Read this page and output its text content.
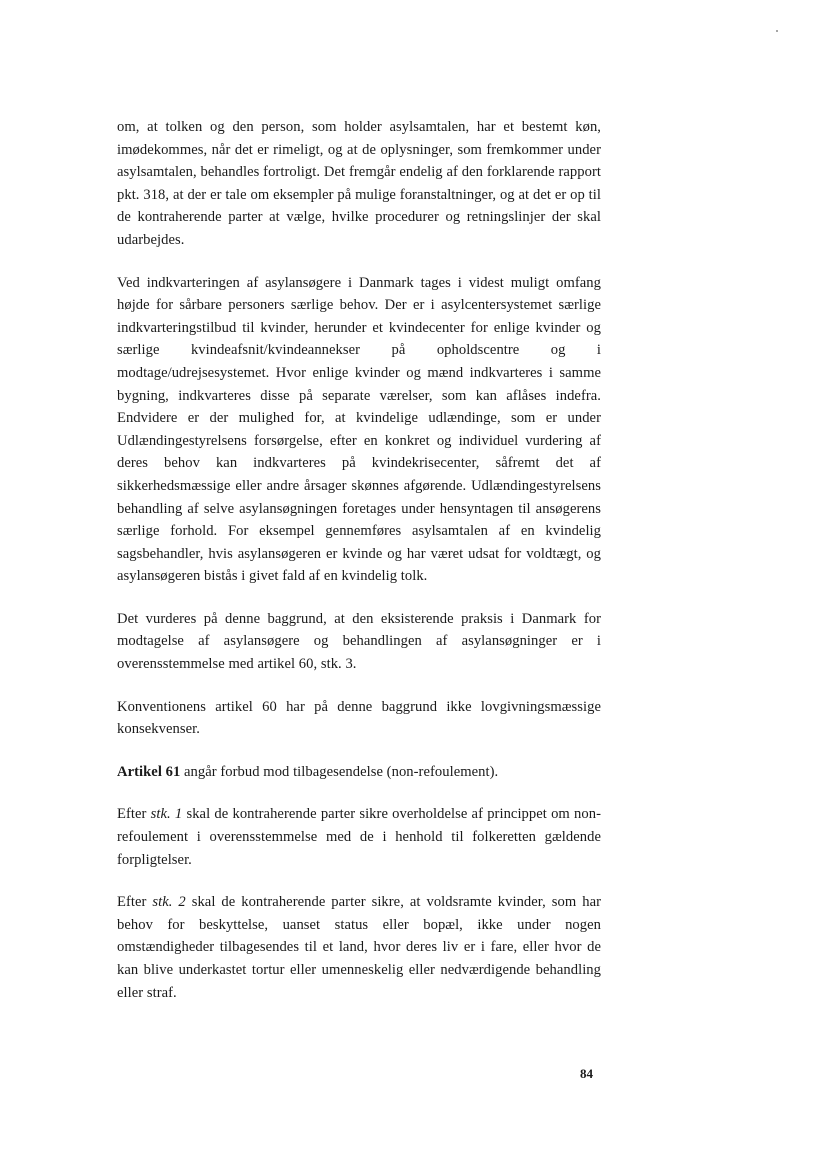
om, at tolken og den person, som holder asylsamtalen, har et bestemt køn, imødekommes, når det er rimeligt, og at de oplysninger, som fremkommer under asylsamtalen, behandles fortroligt. Det fremgår endelig af den forklarende rapport pkt. 318, at der er tale om eksempler på mulige foranstaltninger, og at det er op til de kontraherende parter at vælge, hvilke procedurer og retningslinjer der skal udarbejdes.

Ved indkvarteringen af asylansøgere i Danmark tages i videst muligt omfang højde for sårbare personers særlige behov. Der er i asylcentersystemet særlige indkvarteringstilbud til kvinder, herunder et kvindecenter for enlige kvinder og særlige kvindeafsnit/kvindeannekser på opholdscentre og i modtage/udrejsesystemet. Hvor enlige kvinder og mænd indkvarteres i samme bygning, indkvarteres disse på separate værelser, som kan aflåses indefra. Endvidere er der mulighed for, at kvindelige udlændinge, som er under Udlændingestyrelsens forsørgelse, efter en konkret og individuel vurdering af deres behov kan indkvarteres på kvindekrisecenter, såfremt det af sikkerhedsmæssige eller andre årsager skønnes afgørende. Udlændingestyrelsens behandling af selve asylansøgningen foretages under hensyntagen til ansøgerens særlige forhold. For eksempel gennemføres asylsamtalen af en kvindelig sagsbehandler, hvis asylansøgeren er kvinde og har været udsat for voldtægt, og asylansøgeren bistås i givet fald af en kvindelig tolk.

Det vurderes på denne baggrund, at den eksisterende praksis i Danmark for modtagelse af asylansøgere og behandlingen af asylansøgninger er i overensstemmelse med artikel 60, stk. 3.

Konventionens artikel 60 har på denne baggrund ikke lovgivningsmæssige konsekvenser.

Artikel 61 angår forbud mod tilbagesendelse (non-refoulement).

Efter stk. 1 skal de kontraherende parter sikre overholdelse af princippet om non-refoulement i overensstemmelse med de i henhold til folkeretten gældende forpligtelser.

Efter stk. 2 skal de kontraherende parter sikre, at voldsramte kvinder, som har behov for beskyttelse, uanset status eller bopæl, ikke under nogen omstændigheder tilbagesendes til et land, hvor deres liv er i fare, eller hvor de kan blive underkastet tortur eller umenneskelig eller nedværdigende behandling eller straf.

84
